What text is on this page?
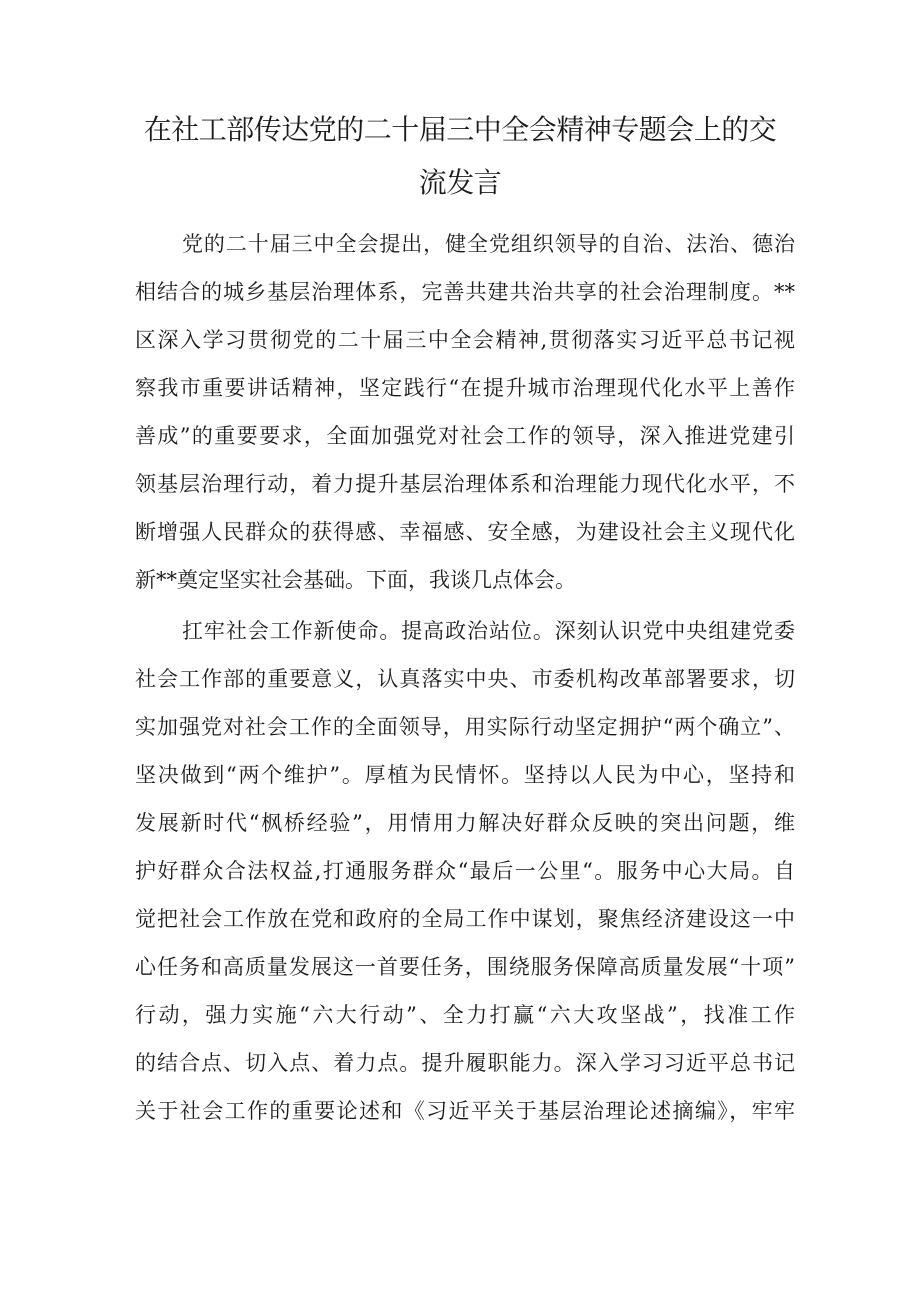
在社工部传达党的二十届三中全会精神专题会上的交
流发言
党的二十届三中全会提出，健全党组织领导的自治、法治、德治
相结合的城乡基层治理体系，完善共建共治共享的社会治理制度。**
区深入学习贯彻党的二十届三中全会精神,贯彻落实习近平总书记视
察我市重要讲话精神，坚定践行“在提升城市治理现代化水平上善作
善成”的重要要求，全面加强党对社会工作的领导，深入推进党建引
领基层治理行动，着力提升基层治理体系和治理能力现代化水平，不
断增强人民群众的获得感、幸福感、安全感，为建设社会主义现代化
新**奠定坚实社会基础。下面，我谈几点体会。
扛牢社会工作新使命。提高政治站位。深刻认识党中央组建党委
社会工作部的重要意义，认真落实中央、市委机构改革部署要求，切
实加强党对社会工作的全面领导，用实际行动坚定拥护“两个确立”、
坚决做到“两个维护”。厚植为民情怀。坚持以人民为中心，坚持和
发展新时代“枫桥经验”，用情用力解决好群众反映的突出问题，维
护好群众合法权益,打通服务群众“最后一公里“。服务中心大局。自
觉把社会工作放在党和政府的全局工作中谋划，聚焦经济建设这一中
心任务和高质量发展这一首要任务，围绕服务保障高质量发展“十项”
行动，强力实施“六大行动”、全力打赢“六大攻坚战”，找准工作
的结合点、切入点、着力点。提升履职能力。深入学习习近平总书记
关于社会工作的重要论述和《习近平关于基层治理论述摘编》，牢牢
